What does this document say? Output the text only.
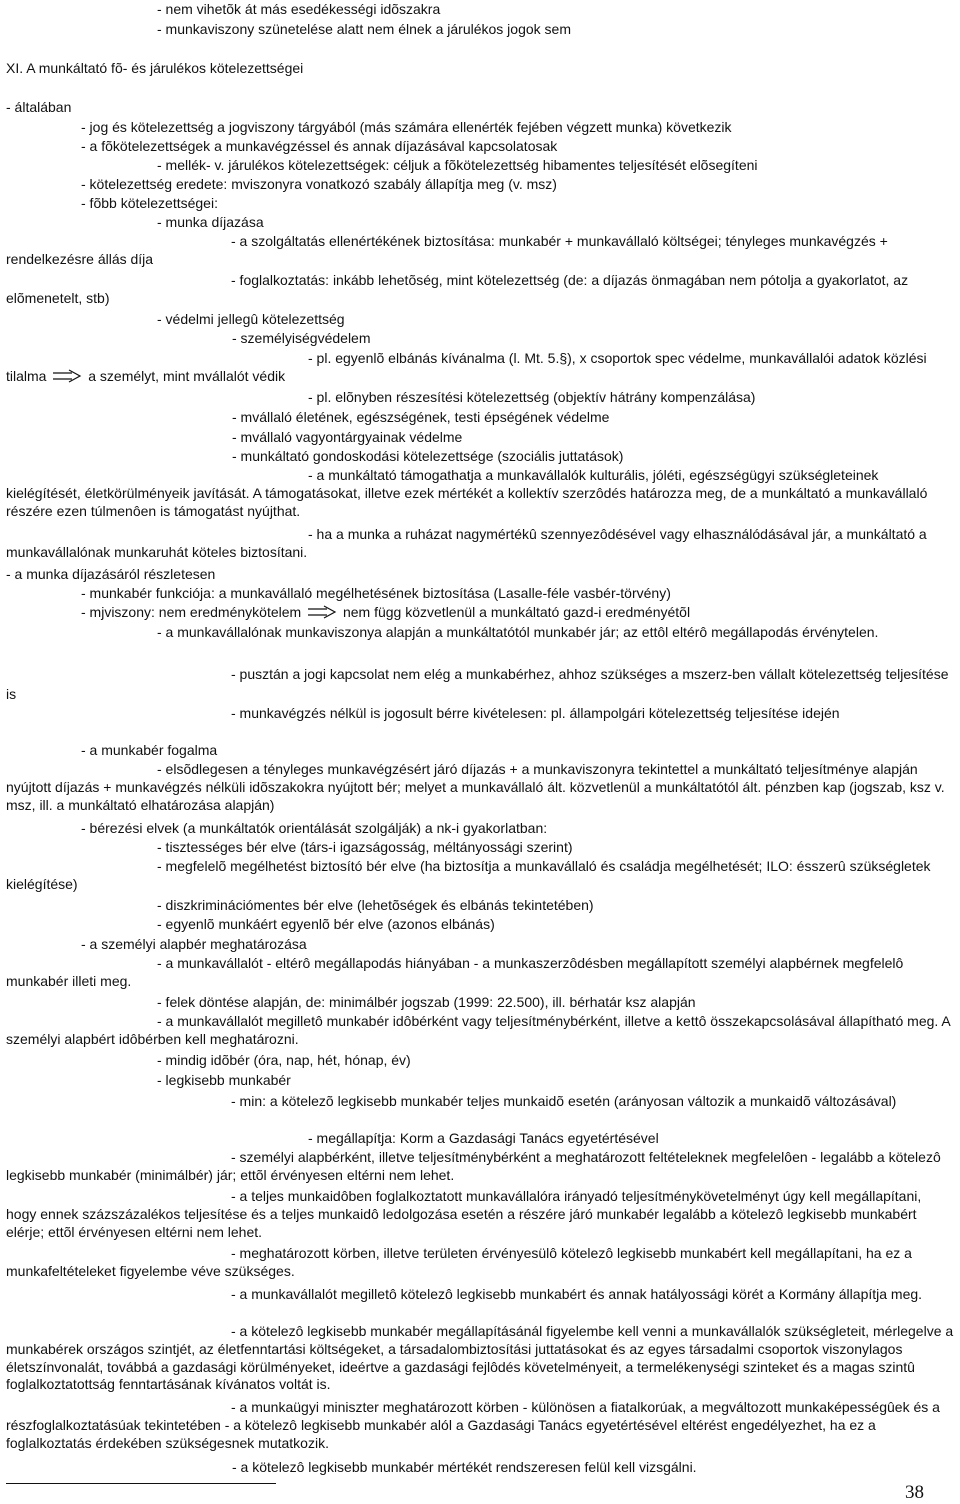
- nem vihetõk át más esedékességi idõszakra
- munkaviszony szünetelése alatt nem élnek a járulékos jogok sem
XI. A munkáltató fõ- és járulékos kötelezettségei
- általában
- jog és kötelezettség a jogviszony tárgyából (más számára ellenérték fejében végzett munka) következik
- a fõkötelezettségek a munkavégzéssel és annak díjazásával kapcsolatosak
- mellék- v. járulékos kötelezettségek: céljuk a fõkötelezettség hibamentes teljesítését elõsegíteni
- kötelezettség eredete: mviszonyra vonatkozó szabály állapítja meg (v. msz)
- fõbb kötelezettségei:
- munka díjazása
- a szolgáltatás ellenértékének biztosítása: munkabér + munkavállaló költségei; tényleges munkavégzés + rendelkezésre állás díja
- foglalkoztatás: inkább lehetõség, mint kötelezettség (de: a díjazás önmagában nem pótolja a gyakorlatot, az elõmenetelt, stb)
- védelmi jellegû kötelezettség
- személyiségvédelem
- pl. egyenlõ elbánás kívánalma (l. Mt. 5.§), x csoportok spec védelme, munkavállalói adatok közlési tilalma	a személyt, mint mvállalót védik
- pl. elõnyben részesítési kötelezettség (objektív hátrány kompenzálása)
- mvállaló életének, egészségének, testi épségének védelme
- mvállaló vagyontárgyainak védelme
- munkáltató gondoskodási kötelezettsége (szociális juttatások)
- a munkáltató támogathatja a munkavállalók kulturális, jóléti, egészségügyi szükségleteinek kielégítését, életkörülményeik javítását. A támogatásokat, illetve ezek mértékét a kollektív szerzôdés határozza meg, de a munkáltató a munkavállaló részére ezen túlmenôen is támogatást nyújthat.
- ha a munka a ruházat nagymértékû szennyezôdésével vagy elhasználódásával jár, a munkáltató a munkavállalónak munkaruhát köteles biztosítani.
- a munka díjazásáról részletesen
- munkabér funkciója: a munkavállaló megélhetésének biztosítása (Lasalle-féle vasbér-törvény)
- mjviszony: nem eredménykötelem	nem függ közvetlenül a munkáltató gazd-i eredményétõl
- a munkavállalónak munkaviszonya alapján a munkáltatótól munkabér jár; az ettôl eltérô megállapodás érvénytelen.
- pusztán a jogi kapcsolat nem elég a munkabérhez, ahhoz szükséges a mszerz-ben vállalt kötelezettség teljesítése is
- munkavégzés nélkül is jogosult bérre kivételesen: pl. állampolgári kötelezettség teljesítése idején
- a munkabér fogalma
- elsõdlegesen a tényleges munkavégzésért járó díjazás + a munkaviszonyra tekintettel a munkáltató teljesítménye alapján nyújtott díjazás + munkavégzés nélküli idõszakokra nyújtott bér; melyet a munkavállaló ált. közvetlenül a munkáltatótól ált. pénzben kap (jogszab, ksz v. msz, ill. a munkáltató elhatározása alapján)
- bérezési elvek (a munkáltatók orientálását szolgálják) a nk-i gyakorlatban:
- tisztességes bér elve (társ-i igazságosság, méltányossági szerint)
- megfelelõ megélhetést biztosító bér elve (ha biztosítja a munkavállaló és családja megélhetését; ILO: ésszerû szükségletek kielégítése)
- diszkriminációmentes bér elve (lehetõségek és elbánás tekintetében)
- egyenlõ munkáért egyenlõ bér elve (azonos elbánás)
- a személyi alapbér meghatározása
- a munkavállalót - eltérô megállapodás hiányában - a munkaszerzôdésben megállapított személyi alapbérnek megfelelô munkabér illeti meg.
- felek döntése alapján, de: minimálbér jogszab (1999: 22.500), ill. bérhatár ksz alapján
- a munkavállalót megilletô munkabér idôbérként vagy teljesítménybérként, illetve a kettô összekapcsolásával állapítható meg. A személyi alapbért idôbérben kell meghatározni.
- mindig idõbér (óra, nap, hét, hónap, év)
- legkisebb munkabér
- min: a kötelezõ legkisebb munkabér teljes munkaidõ esetén (arányosan változik a munkaidõ változásával)
- megállapítja: Korm a Gazdasági Tanács egyetértésével
- személyi alapbérként, illetve teljesítménybérként a meghatározott feltételeknek megfelelôen - legalább a kötelezô legkisebb munkabér (minimálbér) jár; ettõl érvényesen eltérni nem lehet.
- a teljes munkaidôben foglalkoztatott munkavállalóra irányadó teljesítménykövetelményt úgy kell megállapítani, hogy ennek százszázalékos teljesítése és a teljes munkaidô ledolgozása esetén a részére járó munkabér legalább a kötelezô legkisebb munkabért elérje; ettõl érvényesen eltérni nem lehet.
- meghatározott körben, illetve területen érvényesülô kötelezô legkisebb munkabért kell megállapítani, ha ez a munkafeltételeket figyelembe véve szükséges.
- a munkavállalót megilletô kötelezô legkisebb munkabért és annak hatályossági körét a Kormány állapítja meg.
- a kötelezô legkisebb munkabér megállapításánál figyelembe kell venni a munkavállalók szükségleteit, mérlegelve a munkabérek országos szintjét, az életfenntartási költségeket, a társadalombiztosítási juttatásokat és az egyes társadalmi csoportok viszonylagos életszínvonalát, továbbá a gazdasági körülményeket, ideértve a gazdasági fejlôdés követelményeit, a termelékenységi szinteket és a magas szintû foglalkoztatottság fenntartásának kívánatos voltát is.
- a munkaügyi miniszter meghatározott körben - különösen a fiatalkorúak, a megváltozott munkaképességûek és a részfoglalkoztatásúak tekintetében - a kötelezô legkisebb munkabér alól a Gazdasági Tanács egyetértésével eltérést engedélyezhet, ha ez a foglalkoztatás érdekében szükségesnek mutatkozik.
- a kötelezô legkisebb munkabér mértékét rendszeresen felül kell vizsgálni.
38
